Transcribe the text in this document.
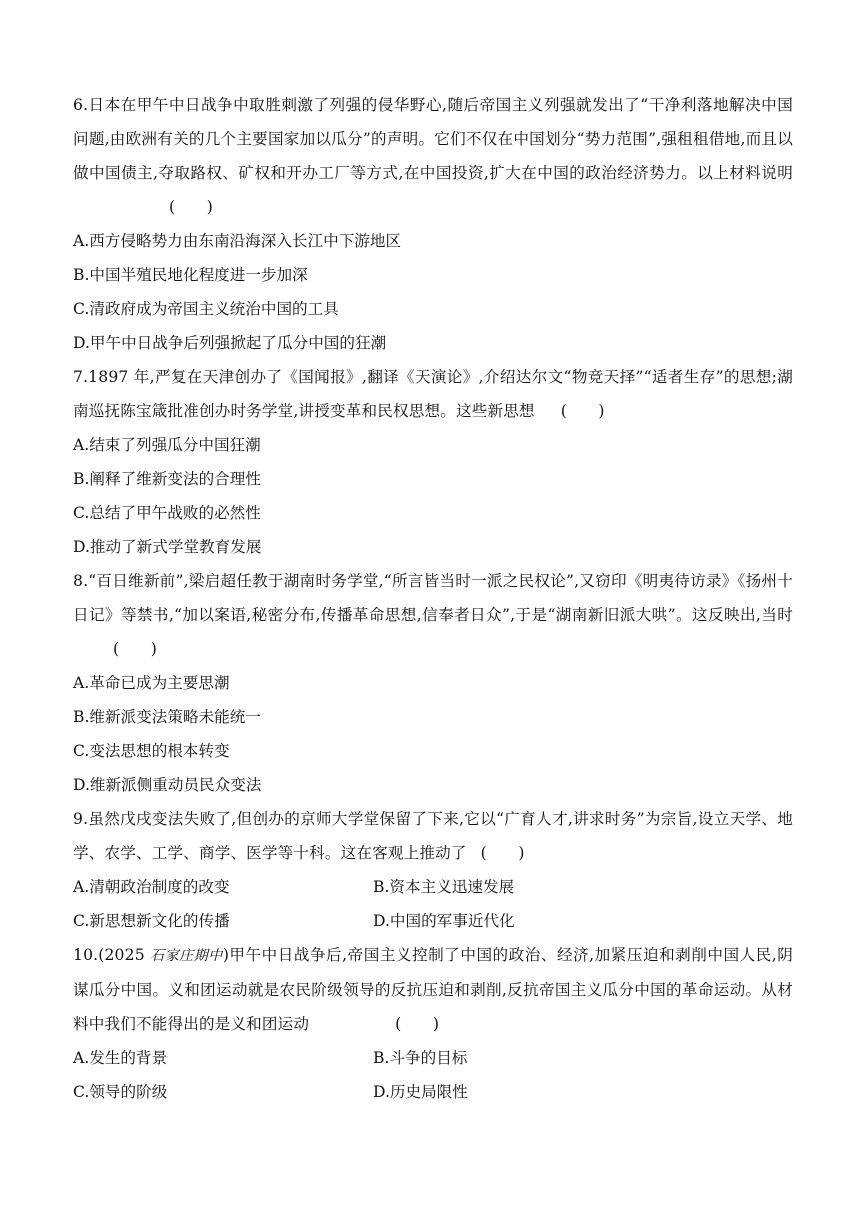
6.日本在甲午中日战争中取胜刺激了列强的侵华野心,随后帝国主义列强就发出了“干净利落地解决中国问题,由欧洲有关的几个主要国家加以瓜分”的声明。它们不仅在中国划分“势力范围”,强租租借地,而且以做中国债主,夺取路权、矿权和开办工厂等方式,在中国投资,扩大在中国的政治经济势力。以上材料说明(　　)
A.西方侵略势力由东南沿海深入长江中下游地区
B.中国半殖民地化程度进一步加深
C.清政府成为帝国主义统治中国的工具
D.甲午中日战争后列强掀起了瓜分中国的狂潮
7.1897 年,严复在天津创办了《国闻报》,翻译《天演论》,介绍达尔文“物竞天择”“适者生存”的思想;湖南巡抚陈宝箴批准创办时务学堂,讲授变革和民权思想。这些新思想 (　　)
A.结束了列强瓜分中国狂潮
B.阐释了维新变法的合理性
C.总结了甲午战败的必然性
D.推动了新式学堂教育发展
8.“百日维新前”,梁启超任教于湖南时务学堂,“所言皆当时一派之民权论”,又窃印《明夷待访录》《扬州十日记》等禁书,“加以案语,秘密分布,传播革命思想,信奉者日众”,于是“湖南新旧派大哄”。这反映出,当时(　　)
A.革命已成为主要思潮
B.维新派变法策略未能统一
C.变法思想的根本转变
D.维新派侧重动员民众变法
9.虽然戊戌变法失败了,但创办的京师大学堂保留了下来,它以“广育人才,讲求时务”为宗旨,设立天学、地学、农学、工学、商学、医学等十科。这在客观上推动了 (　　)
A.清朝政治制度的改变	B.资本主义迅速发展
C.新思想新文化的传播	D.中国的军事近代化
10.(2025 石家庄期中)甲午中日战争后,帝国主义控制了中国的政治、经济,加紧压迫和剥削中国人民,阴谋瓜分中国。义和团运动就是农民阶级领导的反抗压迫和剥削,反抗帝国主义瓜分中国的革命运动。从材料中我们不能得出的是义和团运动	(　　)
A.发生的背景	B.斗争的目标
C.领导的阶级	D.历史局限性
